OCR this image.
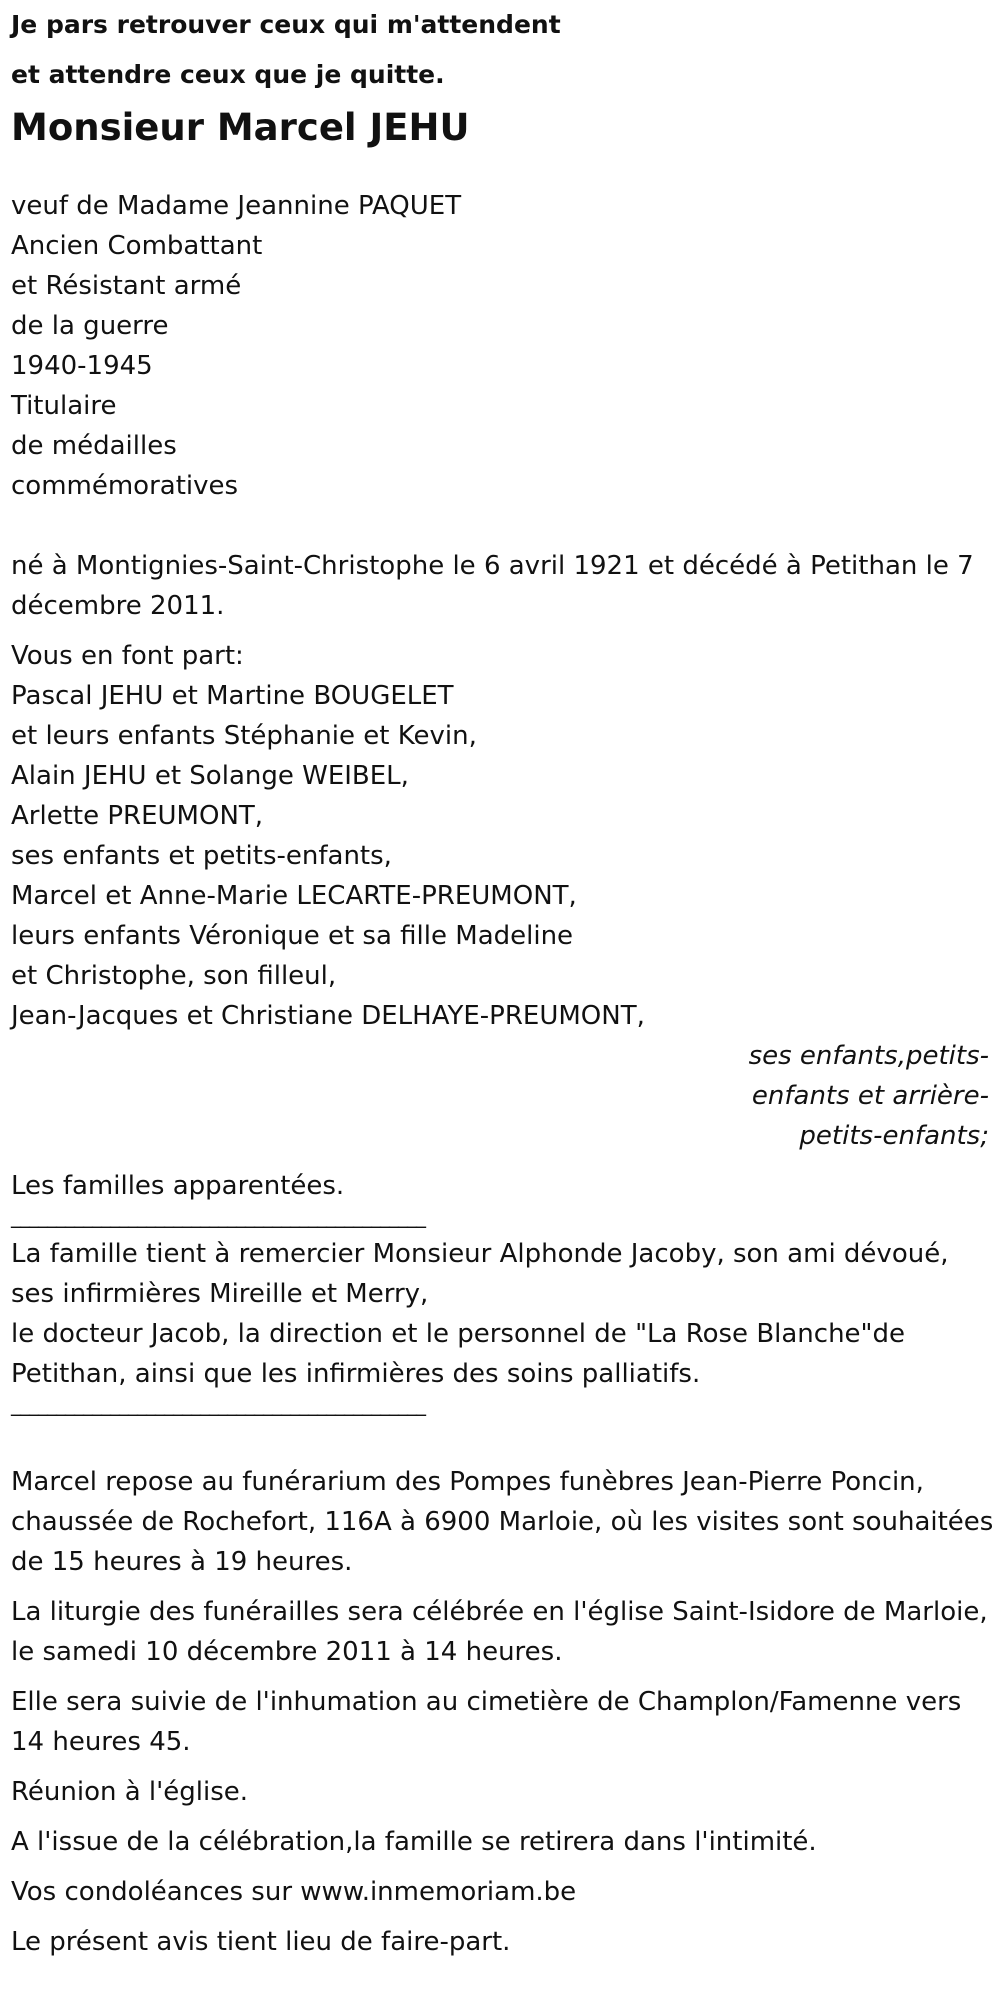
Je pars retrouver ceux qui m'attendent
et attendre ceux que je quitte.
Monsieur Marcel JEHU
veuf de Madame Jeannine PAQUET
Ancien Combattant
et Résistant armé
de la guerre
1940-1945
Titulaire
de médailles
commémoratives
né à Montignies-Saint-Christophe le 6 avril 1921 et décédé à Petithan le 7 décembre 2011.
Vous en font part:
Pascal JEHU et Martine BOUGELET
et leurs enfants Stéphanie et Kevin,
Alain JEHU et Solange WEIBEL,
Arlette PREUMONT,
ses enfants et petits-enfants,
Marcel et Anne-Marie LECARTE-PREUMONT,
leurs enfants Véronique et sa fille Madeline
et Christophe, son filleul,
Jean-Jacques et Christiane DELHAYE-PREUMONT,
ses enfants,petits-
enfants et arrière-
petits-enfants;
Les familles apparentées.
______________________________________________
La famille tient à remercier Monsieur Alphonde Jacoby, son ami dévoué,
ses infirmières Mireille et Merry,
le docteur Jacob, la direction et le personnel de "La Rose Blanche"de Petithan, ainsi que les infirmières des soins palliatifs.
______________________________________________
Marcel repose au funérarium des Pompes funèbres Jean-Pierre Poncin, chaussée de Rochefort, 116A à 6900 Marloie, où les visites sont souhaitées de 15 heures à 19 heures.
La liturgie des funérailles sera célébrée en l'église Saint-Isidore de Marloie, le samedi 10 décembre 2011 à 14 heures.
Elle sera suivie de l'inhumation au cimetière de Champlon/Famenne vers 14 heures 45.
Réunion à l'église.
A l'issue de la célébration,la famille se retirera dans l'intimité.
Vos condoléances sur www.inmemoriam.be
Le présent avis tient lieu de faire-part.
